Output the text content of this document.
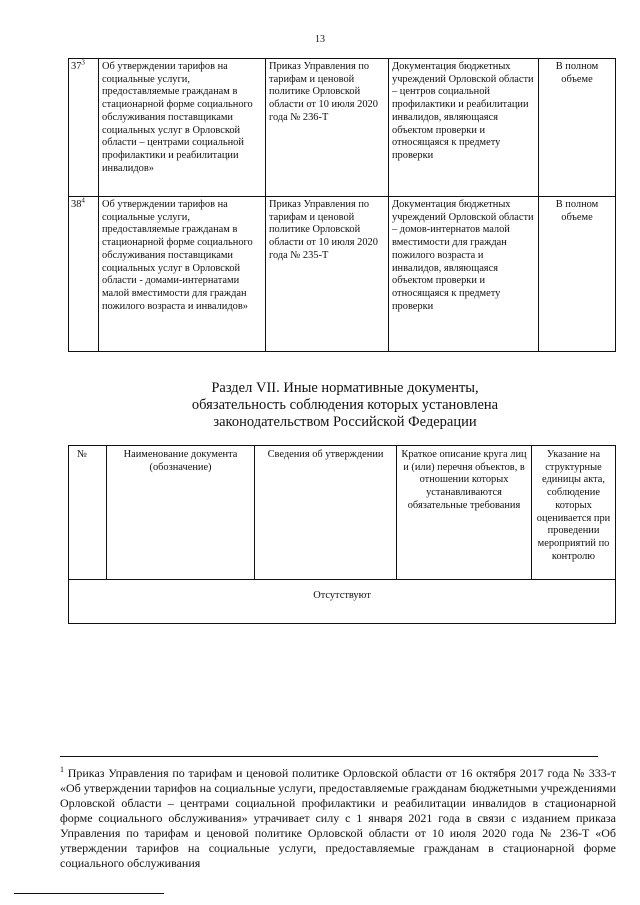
13
$37^3$	Об утверждении тарифов на социальные услуги, предоставляемые гражданам в стационарной форме социального обслуживания поставщиками социальных услуг в Орловской области – центрами социальной профилактики и реабилитации инвалидов»	Приказ Управления по тарифам и ценовой политике Орловской области от 10 июля 2020 года № 236-Т	Документация бюджетных учреждений Орловской области – центров социальной профилактики и реабилитации инвалидов, являющаяся объектом проверки и относящаяся к предмету проверки	В полном объеме
$38^4$	Об утверждении тарифов на социальные услуги, предоставляемые гражданам в стационарной форме социального обслуживания поставщиками социальных услуг в Орловской области - домами-интернатами малой вместимости для граждан пожилого возраста и инвалидов»	Приказ Управления по тарифам и ценовой политике Орловской области от 10 июля 2020 года № 235-Т	Документация бюджетных учреждений Орловской области – домов-интернатов малой вместимости для граждан пожилого возраста и инвалидов, являющаяся объектом проверки и относящаяся к предмету проверки	В полном объеме
Раздел VII. Иные нормативные документы,
обязательность соблюдения которых установлена
законодательством Российской Федерации
№	Наименование документа (обозначение)	Сведения об утверждении	Краткое описание круга лиц и (или) перечня объектов, в отношении которых устанавливаются обязательные требования	Указание на структурные единицы акта, соблюдение которых оценивается при проведении мероприятий по контролю
Отсутствуют
$^1$ Приказ Управления по тарифам и ценовой политике Орловской области от 16 октября 2017 года № 333-т «Об утверждении тарифов на социальные услуги, предоставляемые гражданам бюджетными учреждениями Орловской области – центрами социальной профилактики и реабилитации инвалидов в стационарной форме социального обслуживания» утрачивает силу с 1 января 2021 года в связи с изданием приказа Управления по тарифам и ценовой политике Орловской области от 10 июля 2020 года № 236-Т «Об утверждении тарифов на социальные услуги, предоставляемые гражданам в стационарной форме социального обслуживания
